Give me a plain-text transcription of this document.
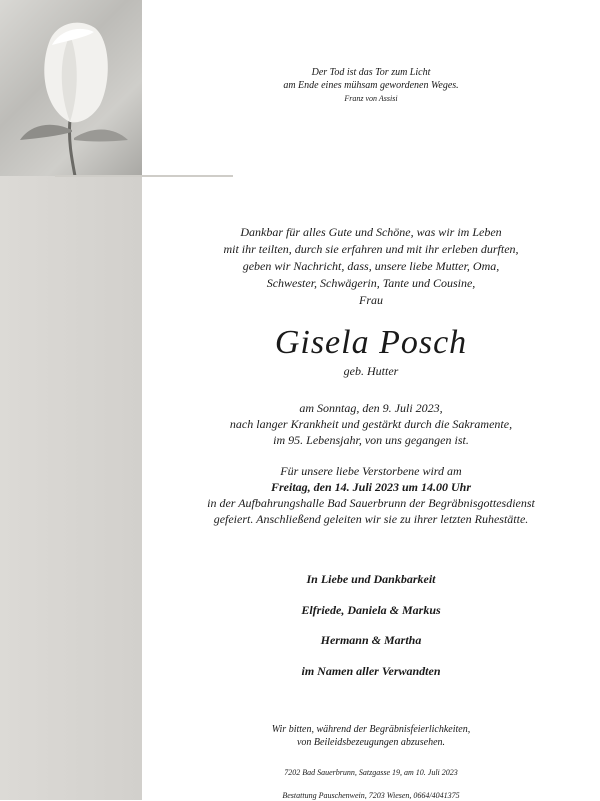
Der Tod ist das Tor zum Licht
am Ende eines mühsam gewordenen Weges.
Franz von Assisi
Dankbar für alles Gute und Schöne, was wir im Leben
mit ihr teilten, durch sie erfahren und mit ihr erleben durften,
geben wir Nachricht, dass, unsere liebe Mutter, Oma,
Schwester, Schwägerin, Tante und Cousine,
Frau
Gisela Posch
geb. Hutter
am Sonntag, den 9. Juli 2023,
nach langer Krankheit und gestärkt durch die Sakramente,
im 95. Lebensjahr, von uns gegangen ist.
Für unsere liebe Verstorbene wird am
Freitag, den 14. Juli 2023 um 14.00 Uhr
in der Aufbahrungshalle Bad Sauerbrunn der Begräbnisgottesdienst
gefeiert. Anschließend geleiten wir sie zu ihrer letzten Ruhestätte.
In Liebe und Dankbarkeit
Elfriede, Daniela & Markus
Hermann & Martha
im Namen aller Verwandten
Wir bitten, während der Begräbnisfeierlichkeiten,
von Beileidsbezeugungen abzusehen.
7202 Bad Sauerbrunn, Satzgasse 19, am 10. Juli 2023
Bestattung Pauschenwein, 7203 Wiesen, 0664/4041375
